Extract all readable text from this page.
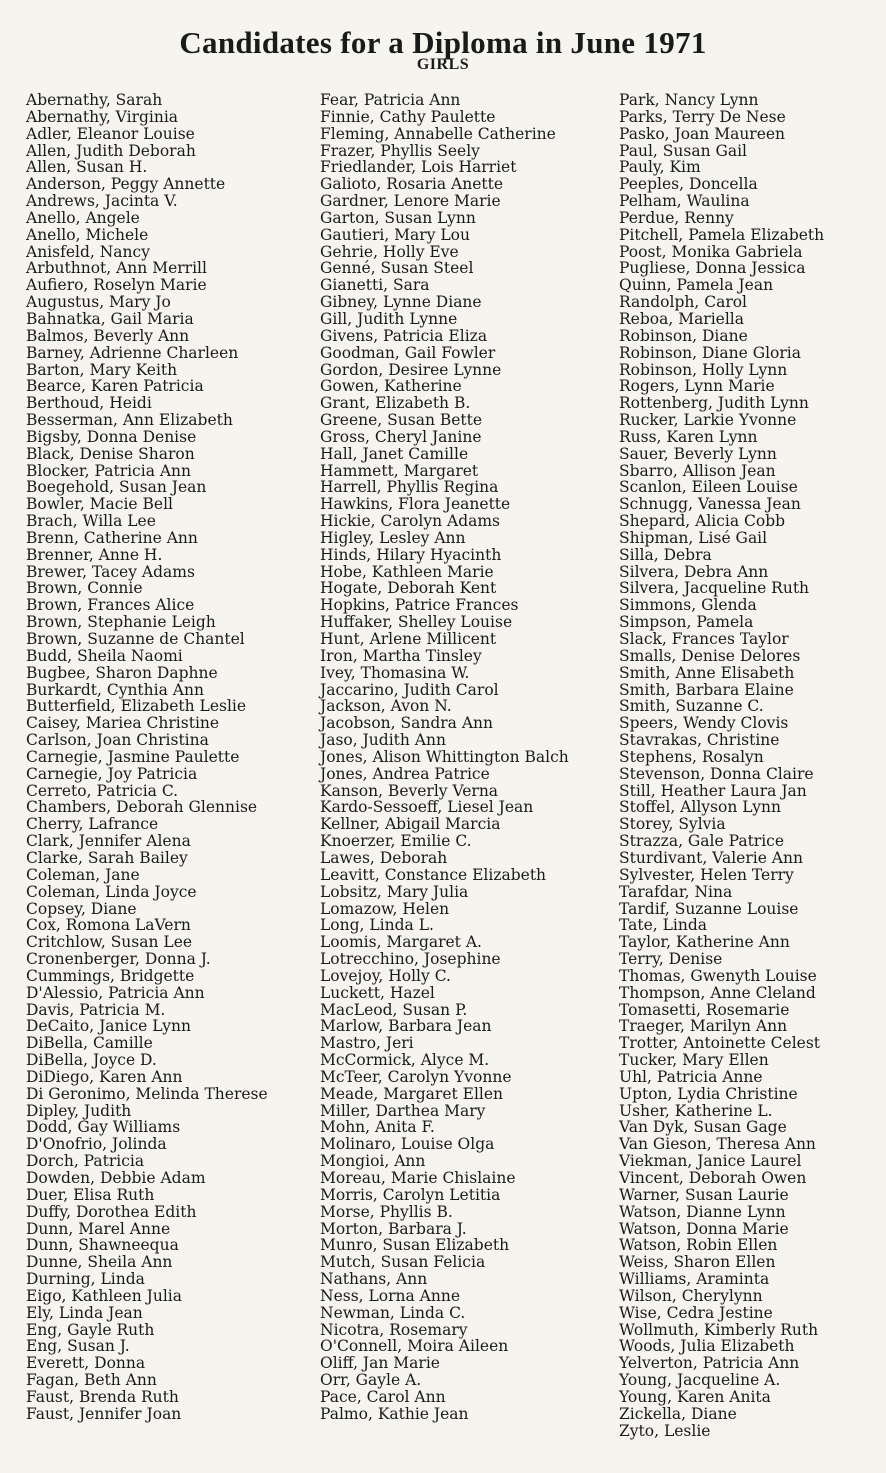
Candidates for a Diploma in June 1971
GIRLS
Abernathy, Sarah
Abernathy, Virginia
Adler, Eleanor Louise
Allen, Judith Deborah
Allen, Susan H.
Anderson, Peggy Annette
Andrews, Jacinta V.
Anello, Angele
Anello, Michele
Anisfeld, Nancy
Arbuthnot, Ann Merrill
Aufiero, Roselyn Marie
Augustus, Mary Jo
Bahnatka, Gail Maria
Balmos, Beverly Ann
Barney, Adrienne Charleen
Barton, Mary Keith
Bearce, Karen Patricia
Berthoud, Heidi
Besserman, Ann Elizabeth
Bigsby, Donna Denise
Black, Denise Sharon
Blocker, Patricia Ann
Boegehold, Susan Jean
Bowler, Macie Bell
Brach, Willa Lee
Brenn, Catherine Ann
Brenner, Anne H.
Brewer, Tacey Adams
Brown, Connie
Brown, Frances Alice
Brown, Stephanie Leigh
Brown, Suzanne de Chantel
Budd, Sheila Naomi
Bugbee, Sharon Daphne
Burkardt, Cynthia Ann
Butterfield, Elizabeth Leslie
Caisey, Mariea Christine
Carlson, Joan Christina
Carnegie, Jasmine Paulette
Carnegie, Joy Patricia
Cerreto, Patricia C.
Chambers, Deborah Glennise
Cherry, Lafrance
Clark, Jennifer Alena
Clarke, Sarah Bailey
Coleman, Jane
Coleman, Linda Joyce
Copsey, Diane
Cox, Romona LaVern
Critchlow, Susan Lee
Cronenberger, Donna J.
Cummings, Bridgette
D'Alessio, Patricia Ann
Davis, Patricia M.
DeCaito, Janice Lynn
DiBella, Camille
DiBella, Joyce D.
DiDiego, Karen Ann
Di Geronimo, Melinda Therese
Dipley, Judith
Dodd, Gay Williams
D'Onofrio, Jolinda
Dorch, Patricia
Dowden, Debbie Adam
Duer, Elisa Ruth
Duffy, Dorothea Edith
Dunn, Marel Anne
Dunn, Shawneequa
Dunne, Sheila Ann
Durning, Linda
Eigo, Kathleen Julia
Ely, Linda Jean
Eng, Gayle Ruth
Eng, Susan J.
Everett, Donna
Fagan, Beth Ann
Faust, Brenda Ruth
Faust, Jennifer Joan
Fear, Patricia Ann
Finnie, Cathy Paulette
Fleming, Annabelle Catherine
Frazer, Phyllis Seely
Friedlander, Lois Harriet
Galioto, Rosaria Anette
Gardner, Lenore Marie
Garton, Susan Lynn
Gautieri, Mary Lou
Gehrie, Holly Eve
Genné, Susan Steel
Gianetti, Sara
Gibney, Lynne Diane
Gill, Judith Lynne
Givens, Patricia Eliza
Goodman, Gail Fowler
Gordon, Desiree Lynne
Gowen, Katherine
Grant, Elizabeth B.
Greene, Susan Bette
Gross, Cheryl Janine
Hall, Janet Camille
Hammett, Margaret
Harrell, Phyllis Regina
Hawkins, Flora Jeanette
Hickie, Carolyn Adams
Higley, Lesley Ann
Hinds, Hilary Hyacinth
Hobe, Kathleen Marie
Hogate, Deborah Kent
Hopkins, Patrice Frances
Huffaker, Shelley Louise
Hunt, Arlene Millicent
Iron, Martha Tinsley
Ivey, Thomasina W.
Jaccarino, Judith Carol
Jackson, Avon N.
Jacobson, Sandra Ann
Jaso, Judith Ann
Jones, Alison Whittington Balch
Jones, Andrea Patrice
Kanson, Beverly Verna
Kardo-Sessoeff, Liesel Jean
Kellner, Abigail Marcia
Knoerzer, Emilie C.
Lawes, Deborah
Leavitt, Constance Elizabeth
Lobsitz, Mary Julia
Lomazow, Helen
Long, Linda L.
Loomis, Margaret A.
Lotrecchino, Josephine
Lovejoy, Holly C.
Luckett, Hazel
MacLeod, Susan P.
Marlow, Barbara Jean
Mastro, Jeri
McCormick, Alyce M.
McTeer, Carolyn Yvonne
Meade, Margaret Ellen
Miller, Darthea Mary
Mohn, Anita F.
Molinaro, Louise Olga
Mongioi, Ann
Moreau, Marie Chislaine
Morris, Carolyn Letitia
Morse, Phyllis B.
Morton, Barbara J.
Munro, Susan Elizabeth
Mutch, Susan Felicia
Nathans, Ann
Ness, Lorna Anne
Newman, Linda C.
Nicotra, Rosemary
O'Connell, Moira Aileen
Oliff, Jan Marie
Orr, Gayle A.
Pace, Carol Ann
Palmo, Kathie Jean
Park, Nancy Lynn
Parks, Terry De Nese
Pasko, Joan Maureen
Paul, Susan Gail
Pauly, Kim
Peeples, Doncella
Pelham, Waulina
Perdue, Renny
Pitchell, Pamela Elizabeth
Poost, Monika Gabriela
Pugliese, Donna Jessica
Quinn, Pamela Jean
Randolph, Carol
Reboa, Mariella
Robinson, Diane
Robinson, Diane Gloria
Robinson, Holly Lynn
Rogers, Lynn Marie
Rottenberg, Judith Lynn
Rucker, Larkie Yvonne
Russ, Karen Lynn
Sauer, Beverly Lynn
Sbarro, Allison Jean
Scanlon, Eileen Louise
Schnugg, Vanessa Jean
Shepard, Alicia Cobb
Shipman, Lisé Gail
Silla, Debra
Silvera, Debra Ann
Silvera, Jacqueline Ruth
Simmons, Glenda
Simpson, Pamela
Slack, Frances Taylor
Smalls, Denise Delores
Smith, Anne Elisabeth
Smith, Barbara Elaine
Smith, Suzanne C.
Speers, Wendy Clovis
Stavrakas, Christine
Stephens, Rosalyn
Stevenson, Donna Claire
Still, Heather Laura Jan
Stoffel, Allyson Lynn
Storey, Sylvia
Strazza, Gale Patrice
Sturdivant, Valerie Ann
Sylvester, Helen Terry
Tarafdar, Nina
Tardif, Suzanne Louise
Tate, Linda
Taylor, Katherine Ann
Terry, Denise
Thomas, Gwenyth Louise
Thompson, Anne Cleland
Tomasetti, Rosemarie
Traeger, Marilyn Ann
Trotter, Antoinette Celest
Tucker, Mary Ellen
Uhl, Patricia Anne
Upton, Lydia Christine
Usher, Katherine L.
Van Dyk, Susan Gage
Van Gieson, Theresa Ann
Viekman, Janice Laurel
Vincent, Deborah Owen
Warner, Susan Laurie
Watson, Dianne Lynn
Watson, Donna Marie
Watson, Robin Ellen
Weiss, Sharon Ellen
Williams, Araminta
Wilson, Cherylynn
Wise, Cedra Jestine
Wollmuth, Kimberly Ruth
Woods, Julia Elizabeth
Yelverton, Patricia Ann
Young, Jacqueline A.
Young, Karen Anita
Zickella, Diane
Zyto, Leslie
